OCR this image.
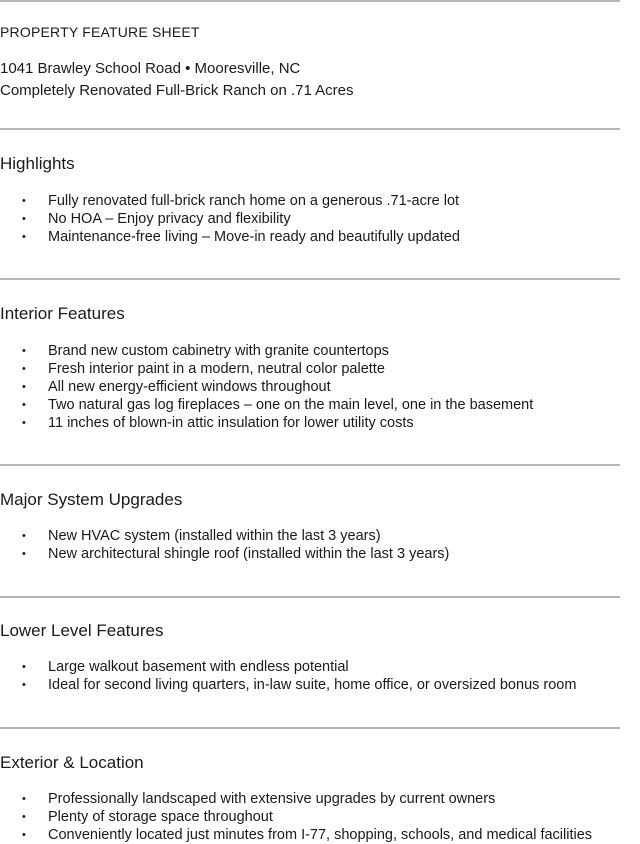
PROPERTY FEATURE SHEET
1041 Brawley School Road • Mooresville, NC
Completely Renovated Full-Brick Ranch on .71 Acres
Highlights
• Fully renovated full-brick ranch home on a generous .71-acre lot
• No HOA – Enjoy privacy and flexibility
• Maintenance-free living – Move-in ready and beautifully updated
Interior Features
• Brand new custom cabinetry with granite countertops
• Fresh interior paint in a modern, neutral color palette
• All new energy-efficient windows throughout
• Two natural gas log fireplaces – one on the main level, one in the basement
• 11 inches of blown-in attic insulation for lower utility costs
Major System Upgrades
• New HVAC system (installed within the last 3 years)
• New architectural shingle roof (installed within the last 3 years)
Lower Level Features
• Large walkout basement with endless potential
• Ideal for second living quarters, in-law suite, home office, or oversized bonus room
Exterior & Location
• Professionally landscaped with extensive upgrades by current owners
• Plenty of storage space throughout
• Conveniently located just minutes from I-77, shopping, schools, and medical facilities
